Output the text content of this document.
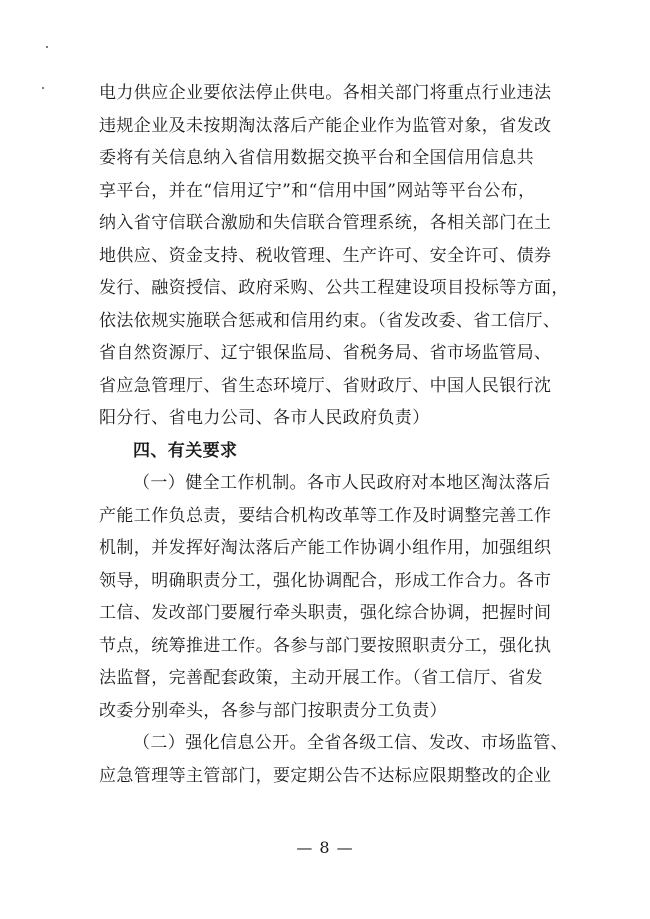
电力供应企业要依法停止供电。各相关部门将重点行业违法
违规企业及未按期淘汰落后产能企业作为监管对象，省发改
委将有关信息纳入省信用数据交换平台和全国信用信息共
享平台，并在“信用辽宁”和“信用中国”网站等平台公布，
纳入省守信联合激励和失信联合管理系统，各相关部门在土
地供应、资金支持、税收管理、生产许可、安全许可、债券
发行、融资授信、政府采购、公共工程建设项目投标等方面，
依法依规实施联合惩戒和信用约束。（省发改委、省工信厅、
省自然资源厅、辽宁银保监局、省税务局、省市场监管局、
省应急管理厅、省生态环境厅、省财政厅、中国人民银行沈
阳分行、省电力公司、各市人民政府负责）
四、有关要求
（一）健全工作机制。各市人民政府对本地区淘汰落后
产能工作负总责，要结合机构改革等工作及时调整完善工作
机制，并发挥好淘汰落后产能工作协调小组作用，加强组织
领导，明确职责分工，强化协调配合，形成工作合力。各市
工信、发改部门要履行牵头职责，强化综合协调，把握时间
节点，统筹推进工作。各参与部门要按照职责分工，强化执
法监督，完善配套政策，主动开展工作。（省工信厅、省发
改委分别牵头，各参与部门按职责分工负责）
（二）强化信息公开。全省各级工信、发改、市场监管、
应急管理等主管部门，要定期公告不达标应限期整改的企业
— 8 —
